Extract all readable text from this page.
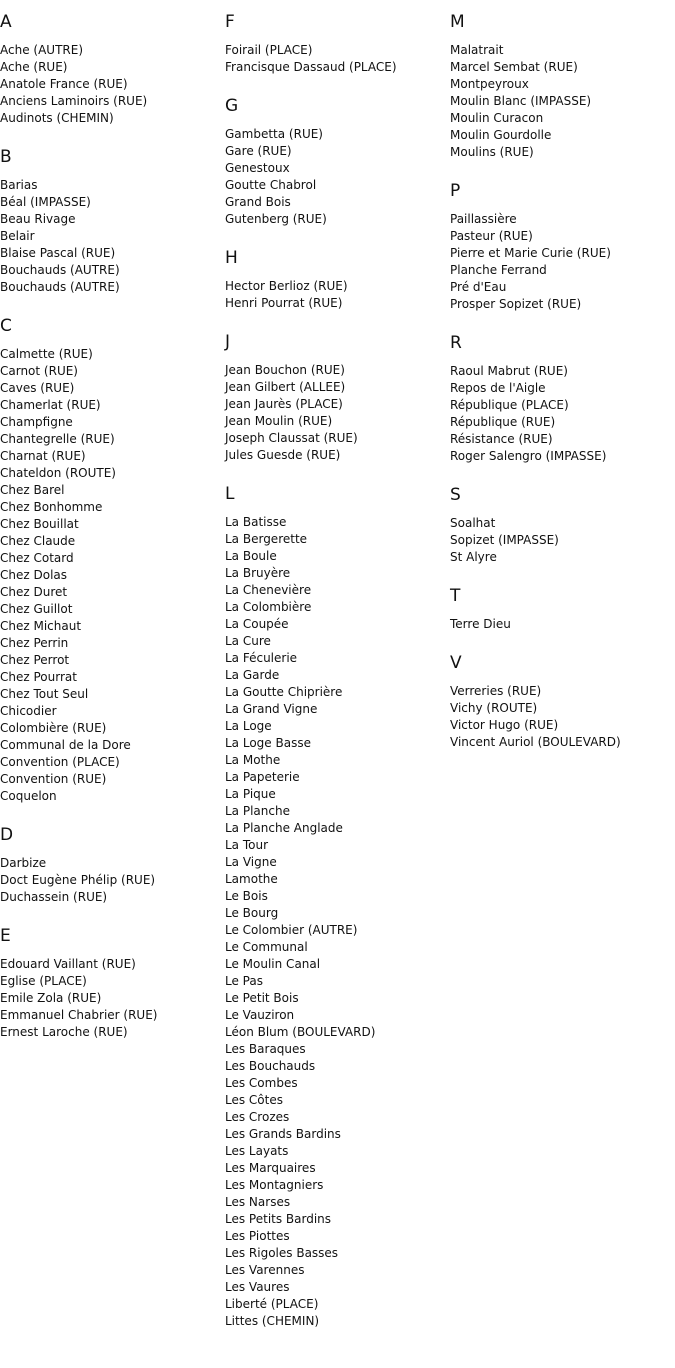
A
Ache (AUTRE)
Ache (RUE)
Anatole France (RUE)
Anciens Laminoirs (RUE)
Audinots (CHEMIN)
B
Barias
Béal (IMPASSE)
Beau Rivage
Belair
Blaise Pascal (RUE)
Bouchauds (AUTRE)
Bouchauds (AUTRE)
C
Calmette (RUE)
Carnot (RUE)
Caves (RUE)
Chamerlat (RUE)
Champfigne
Chantegrelle (RUE)
Charnat (RUE)
Chateldon (ROUTE)
Chez Barel
Chez Bonhomme
Chez Bouillat
Chez Claude
Chez Cotard
Chez Dolas
Chez Duret
Chez Guillot
Chez Michaut
Chez Perrin
Chez Perrot
Chez Pourrat
Chez Tout Seul
Chicodier
Colombière (RUE)
Communal de la Dore
Convention (PLACE)
Convention (RUE)
Coquelon
D
Darbize
Doct Eugène Phélip (RUE)
Duchassein (RUE)
E
Edouard Vaillant (RUE)
Eglise (PLACE)
Emile Zola (RUE)
Emmanuel Chabrier (RUE)
Ernest Laroche (RUE)
F
Foirail (PLACE)
Francisque Dassaud (PLACE)
G
Gambetta (RUE)
Gare (RUE)
Genestoux
Goutte Chabrol
Grand Bois
Gutenberg (RUE)
H
Hector Berlioz (RUE)
Henri Pourrat (RUE)
J
Jean Bouchon (RUE)
Jean Gilbert (ALLEE)
Jean Jaurès (PLACE)
Jean Moulin (RUE)
Joseph Claussat (RUE)
Jules Guesde (RUE)
L
La Batisse
La Bergerette
La Boule
La Bruyère
La Chenevière
La Colombière
La Coupée
La Cure
La Féculerie
La Garde
La Goutte Chiprière
La Grand Vigne
La Loge
La Loge Basse
La Mothe
La Papeterie
La Pique
La Planche
La Planche Anglade
La Tour
La Vigne
Lamothe
Le Bois
Le Bourg
Le Colombier (AUTRE)
Le Communal
Le Moulin Canal
Le Pas
Le Petit Bois
Le Vauziron
Léon Blum (BOULEVARD)
Les Baraques
Les Bouchauds
Les Combes
Les Côtes
Les Crozes
Les Grands Bardins
Les Layats
Les Marquaires
Les Montagniers
Les Narses
Les Petits Bardins
Les Piottes
Les Rigoles Basses
Les Varennes
Les Vaures
Liberté (PLACE)
Littes (CHEMIN)
M
Malatrait
Marcel Sembat (RUE)
Montpeyroux
Moulin Blanc (IMPASSE)
Moulin Curacon
Moulin Gourdolle
Moulins (RUE)
P
Paillassière
Pasteur (RUE)
Pierre et Marie Curie (RUE)
Planche Ferrand
Pré d'Eau
Prosper Sopizet (RUE)
R
Raoul Mabrut (RUE)
Repos de l'Aigle
République (PLACE)
République (RUE)
Résistance (RUE)
Roger Salengro (IMPASSE)
S
Soalhat
Sopizet (IMPASSE)
St Alyre
T
Terre Dieu
V
Verreries (RUE)
Vichy (ROUTE)
Victor Hugo (RUE)
Vincent Auriol (BOULEVARD)
